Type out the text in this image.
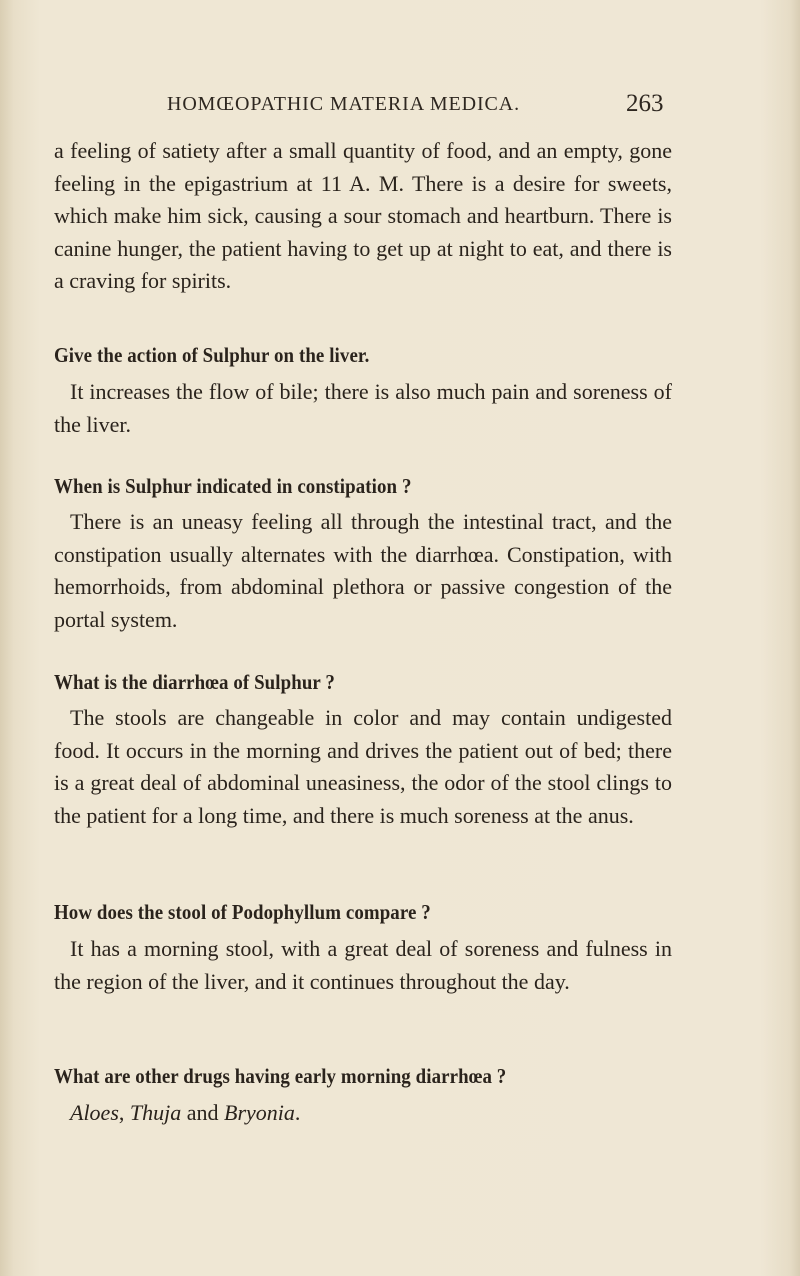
HOMŒOPATHIC MATERIA MEDICA.	263
a feeling of satiety after a small quantity of food, and an empty, gone feeling in the epigastrium at 11 A. M. There is a desire for sweets, which make him sick, causing a sour stomach and heartburn. There is canine hunger, the patient having to get up at night to eat, and there is a craving for spirits.
Give the action of Sulphur on the liver.
It increases the flow of bile; there is also much pain and soreness of the liver.
When is Sulphur indicated in constipation ?
There is an uneasy feeling all through the intestinal tract, and the constipation usually alternates with the diarrhœa. Constipation, with hemorrhoids, from abdominal plethora or passive congestion of the portal system.
What is the diarrhœa of Sulphur ?
The stools are changeable in color and may contain undigested food. It occurs in the morning and drives the patient out of bed; there is a great deal of abdominal uneasiness, the odor of the stool clings to the patient for a long time, and there is much soreness at the anus.
How does the stool of Podophyllum compare ?
It has a morning stool, with a great deal of soreness and fulness in the region of the liver, and it continues throughout the day.
What are other drugs having early morning diarrhœa ?
Aloes, Thuja and Bryonia.
